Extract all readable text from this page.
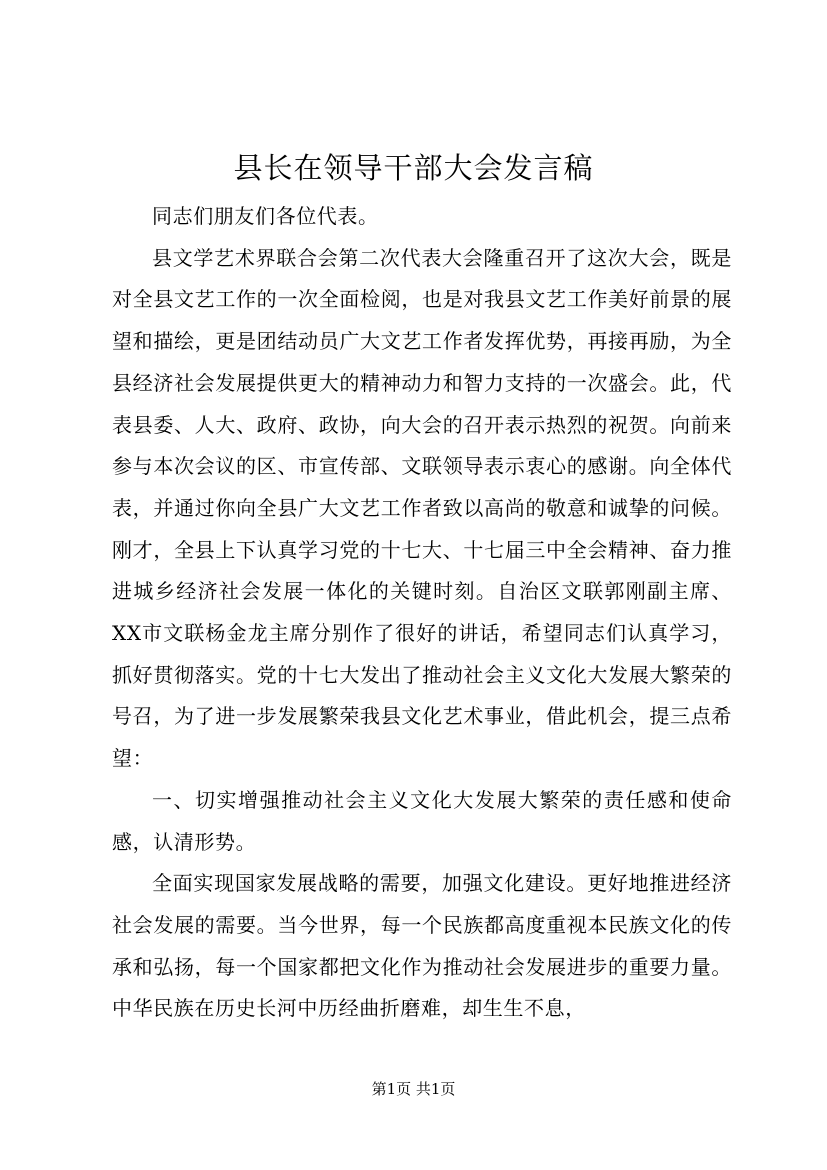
县长在领导干部大会发言稿

同志们朋友们各位代表。

县文学艺术界联合会第二次代表大会隆重召开了这次大会，既是对全县文艺工作的一次全面检阅，也是对我县文艺工作美好前景的展望和描绘，更是团结动员广大文艺工作者发挥优势，再接再励，为全县经济社会发展提供更大的精神动力和智力支持的一次盛会。此，代表县委、人大、政府、政协，向大会的召开表示热烈的祝贺。向前来参与本次会议的区、市宣传部、文联领导表示衷心的感谢。向全体代表，并通过你向全县广大文艺工作者致以高尚的敬意和诚挚的问候。刚才，全县上下认真学习党的十七大、十七届三中全会精神、奋力推进城乡经济社会发展一体化的关键时刻。自治区文联郭刚副主席、XX市文联杨金龙主席分别作了很好的讲话，希望同志们认真学习，抓好贯彻落实。党的十七大发出了推动社会主义文化大发展大繁荣的号召，为了进一步发展繁荣我县文化艺术事业，借此机会，提三点希望：

一、切实增强推动社会主义文化大发展大繁荣的责任感和使命感，认清形势。

全面实现国家发展战略的需要，加强文化建设。更好地推进经济社会发展的需要。当今世界，每一个民族都高度重视本民族文化的传承和弘扬，每一个国家都把文化作为推动社会发展进步的重要力量。中华民族在历史长河中历经曲折磨难，却生生不息，

第1页 共1页
